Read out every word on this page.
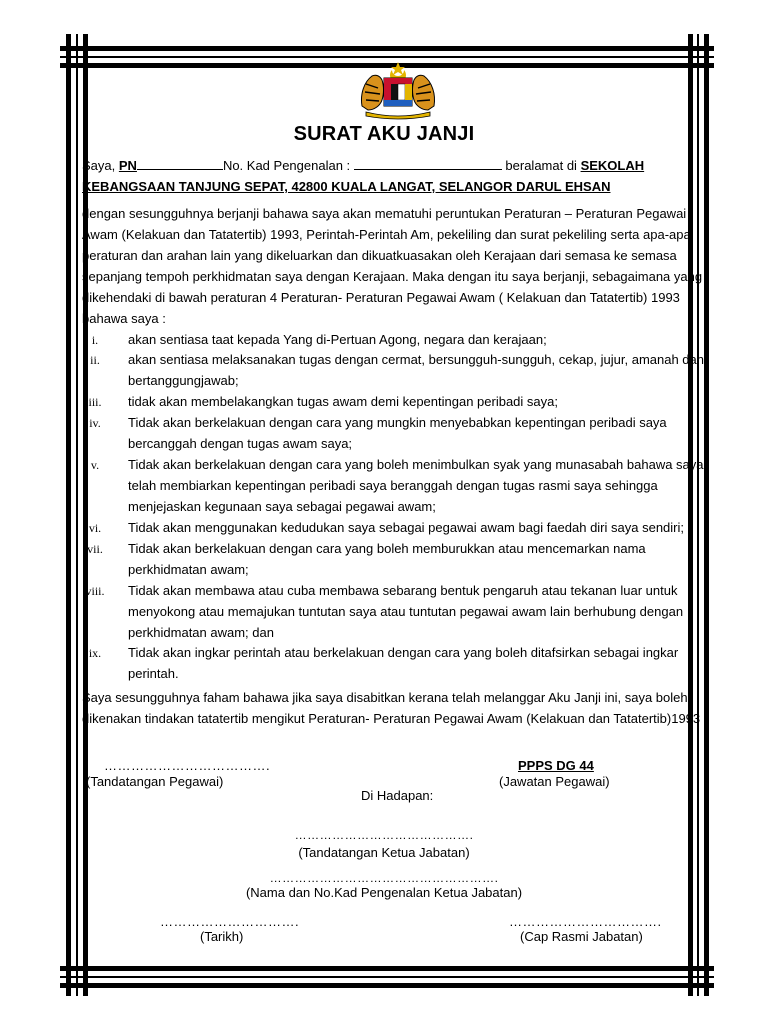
SURAT AKU JANJI
Saya, PN	No. Kad Pengenalan :	beralamat di SEKOLAH
KEBANGSAAN TANJUNG SEPAT, 42800 KUALA LANGAT, SELANGOR DARUL EHSAN
dengan sesungguhnya berjanji bahawa saya akan mematuhi peruntukan Peraturan – Peraturan Pegawai
Awam (Kelakuan dan Tatatertib) 1993, Perintah-Perintah Am, pekeliling dan surat pekeliling serta apa-apa
peraturan dan arahan lain yang dikeluarkan dan dikuatkuasakan oleh Kerajaan dari semasa ke semasa
sepanjang tempoh perkhidmatan saya dengan Kerajaan. Maka dengan itu saya berjanji, sebagaimana yang
dikehendaki di bawah peraturan 4 Peraturan- Peraturan Pegawai Awam ( Kelakuan dan Tatatertib) 1993
bahawa saya :
i.	akan sentiasa taat kepada Yang di-Pertuan Agong, negara dan kerajaan;
ii.	akan sentiasa melaksanakan tugas dengan cermat, bersungguh-sungguh, cekap, jujur, amanah dan
bertanggungjawab;
iii.	tidak akan membelakangkan tugas awam demi kepentingan peribadi saya;
iv.	Tidak akan berkelakuan dengan cara yang mungkin menyebabkan kepentingan peribadi saya
bercanggah dengan tugas awam saya;
v.	Tidak akan berkelakuan dengan cara yang boleh menimbulkan syak yang munasabah bahawa saya
telah membiarkan kepentingan peribadi saya beranggah dengan tugas rasmi saya sehingga
menjejaskan kegunaan saya sebagai pegawai awam;
vi.	Tidak akan menggunakan kedudukan saya sebagai pegawai awam bagi faedah diri saya sendiri;
vii.	Tidak akan berkelakuan dengan cara yang boleh memburukkan atau mencemarkan nama
perkhidmatan awam;
viii.	Tidak akan membawa atau cuba membawa sebarang bentuk pengaruh atau tekanan luar untuk
menyokong atau memajukan tuntutan saya atau tuntutan pegawai awam lain berhubung dengan
perkhidmatan awam; dan
ix.	Tidak akan ingkar perintah atau berkelakuan dengan cara yang boleh ditafsirkan sebagai ingkar
perintah.
Saya sesungguhnya faham bahawa jika saya disabitkan kerana telah melanggar Aku Janji ini, saya boleh
dikenakan tindakan tatatertib mengikut Peraturan- Peraturan Pegawai Awam (Kelakuan dan Tatatertib)1993
……………………………….
(Tandatangan Pegawai)
PPPS DG 44
(Jawatan Pegawai)
Di Hadapan:
…………………………………….
(Tandatangan Ketua Jabatan)
……………………………………………….
(Nama dan No.Kad Pengenalan Ketua Jabatan)
………………………….
(Tarikh)
…………………………….
(Cap Rasmi Jabatan)
